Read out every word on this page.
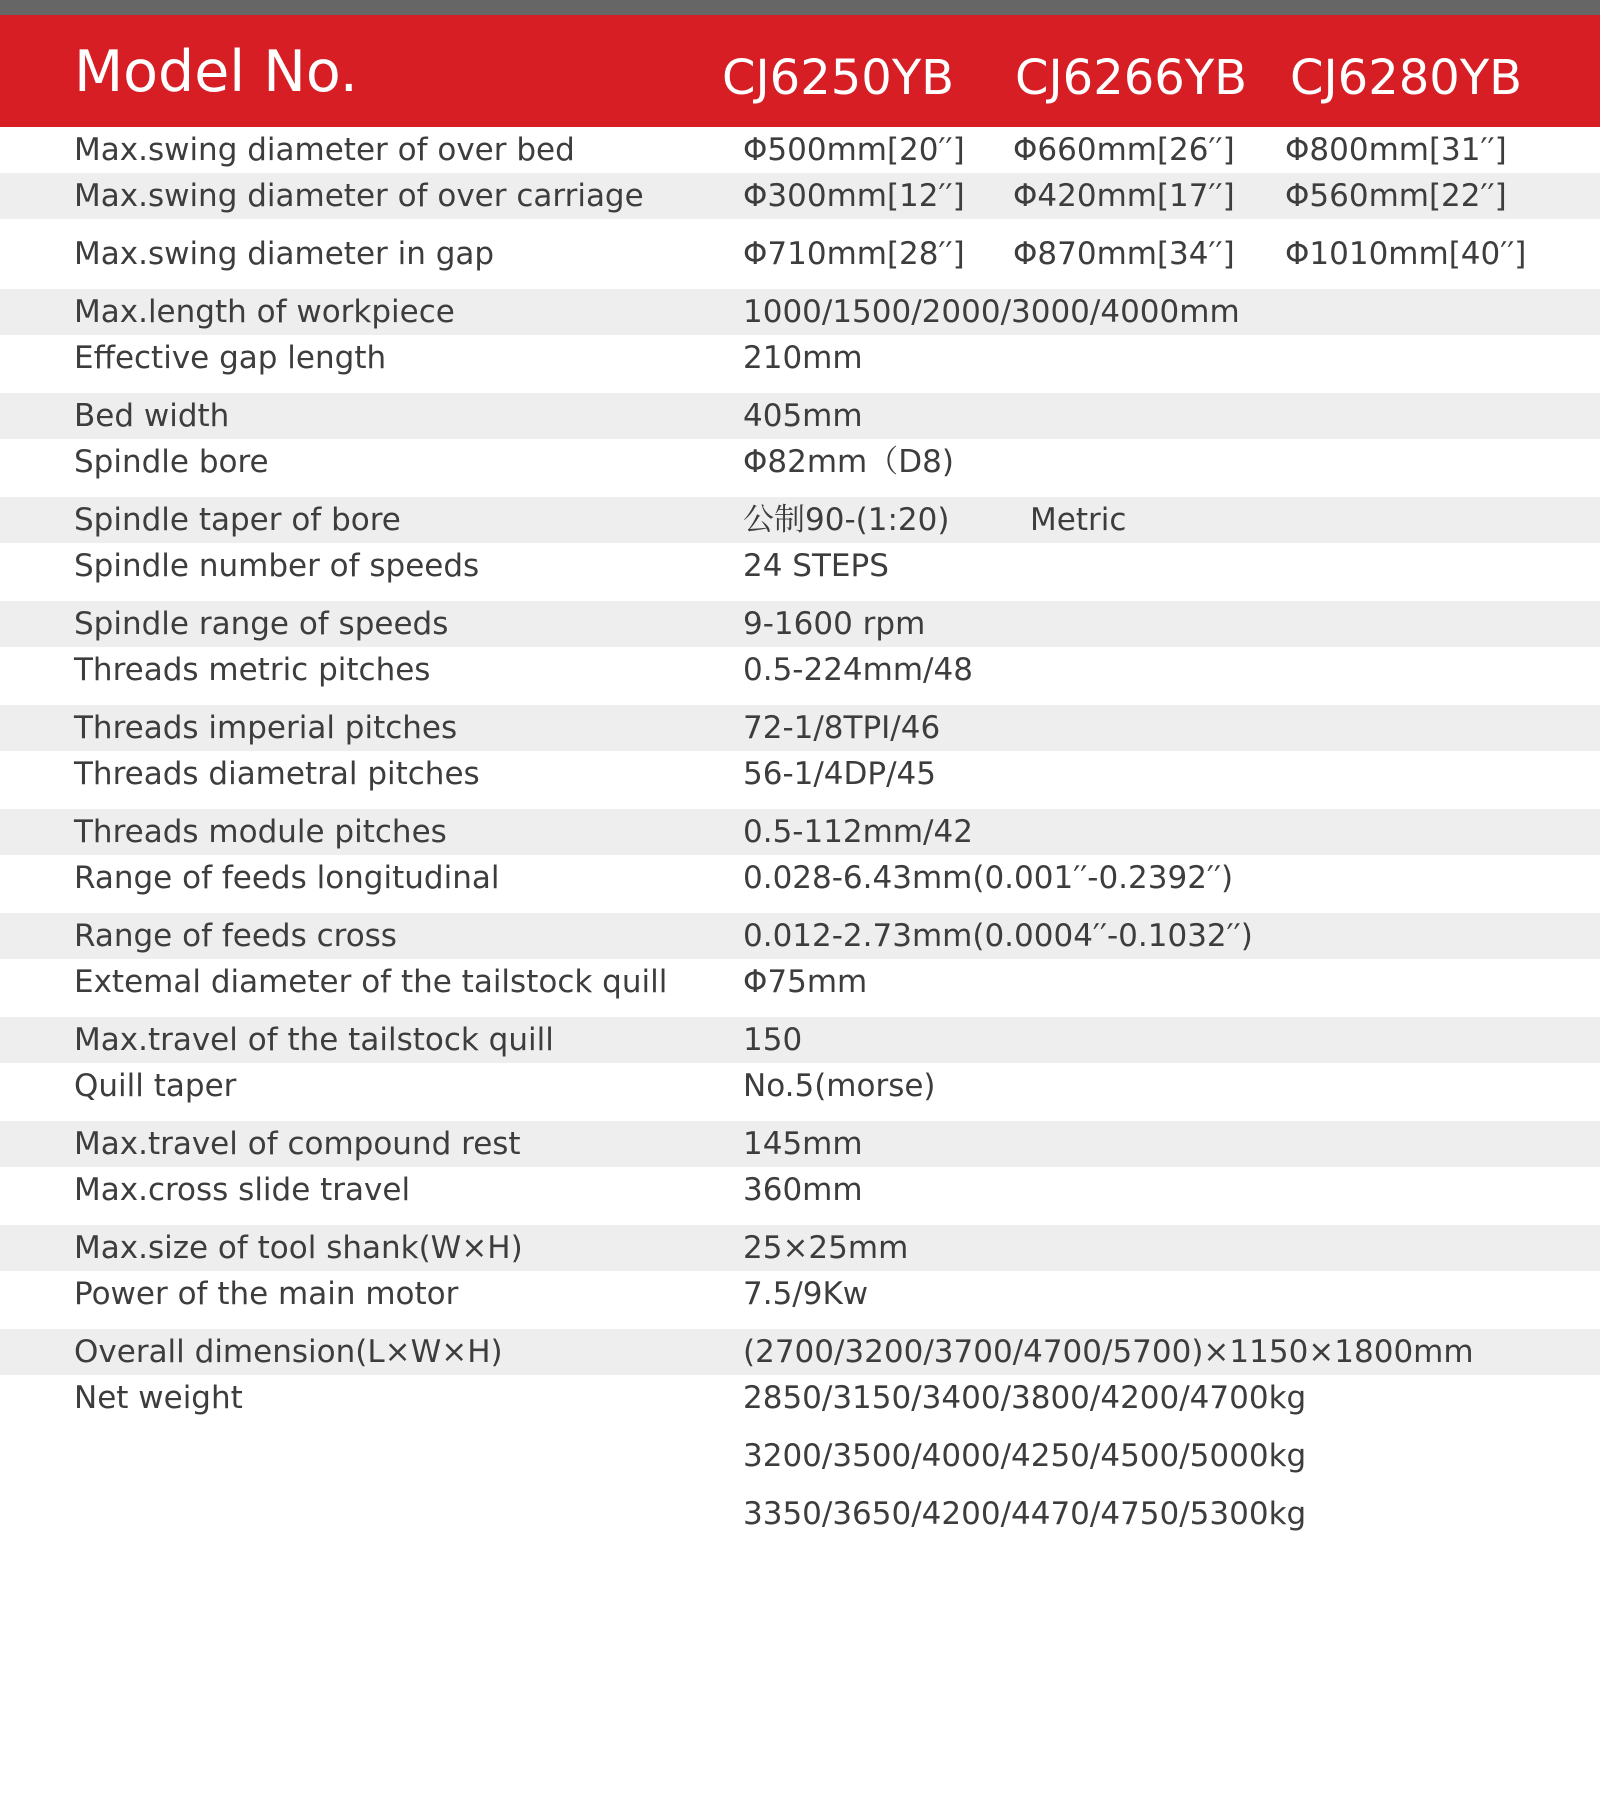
Model No.	CJ6250YB CJ6266YB CJ6280YB
Max.swing diameter of over bed	Φ500mm[20′′] Φ660mm[26′′] Φ800mm[31′′]
Max.swing diameter of over carriage	Φ300mm[12′′] Φ420mm[17′′] Φ560mm[22′′]
Max.swing diameter in gap	Φ710mm[28′′] Φ870mm[34′′] Φ1010mm[40′′]
Max.length of workpiece	1000/1500/2000/3000/4000mm
Effective gap length	210mm
Bed width	405mm
Spindle bore	Φ82mm（D8)
Spindle taper of bore	公制90-(1:20)	Metric
Spindle number of speeds	24 STEPS
Spindle range of speeds	9-1600 rpm
Threads metric pitches	0.5-224mm/48
Threads imperial pitches	72-1/8TPI/46
Threads diametral pitches	56-1/4DP/45
Threads module pitches	0.5-112mm/42
Range of feeds longitudinal	0.028-6.43mm(0.001′′-0.2392′′)
Range of feeds cross	0.012-2.73mm(0.0004′′-0.1032′′)
Extemal diameter of the tailstock quill Φ75mm
Max.travel of the tailstock quill	150
Quill taper	No.5(morse)
Max.travel of compound rest	145mm
Max.cross slide travel	360mm
Max.size of tool shank(W×H)	25×25mm
Power of the main motor	7.5/9Kw
Overall dimension(L×W×H)	(2700/3200/3700/4700/5700)×1150×1800mm
Net weight	2850/3150/3400/3800/4200/4700kg
3200/3500/4000/4250/4500/5000kg
3350/3650/4200/4470/4750/5300kg
